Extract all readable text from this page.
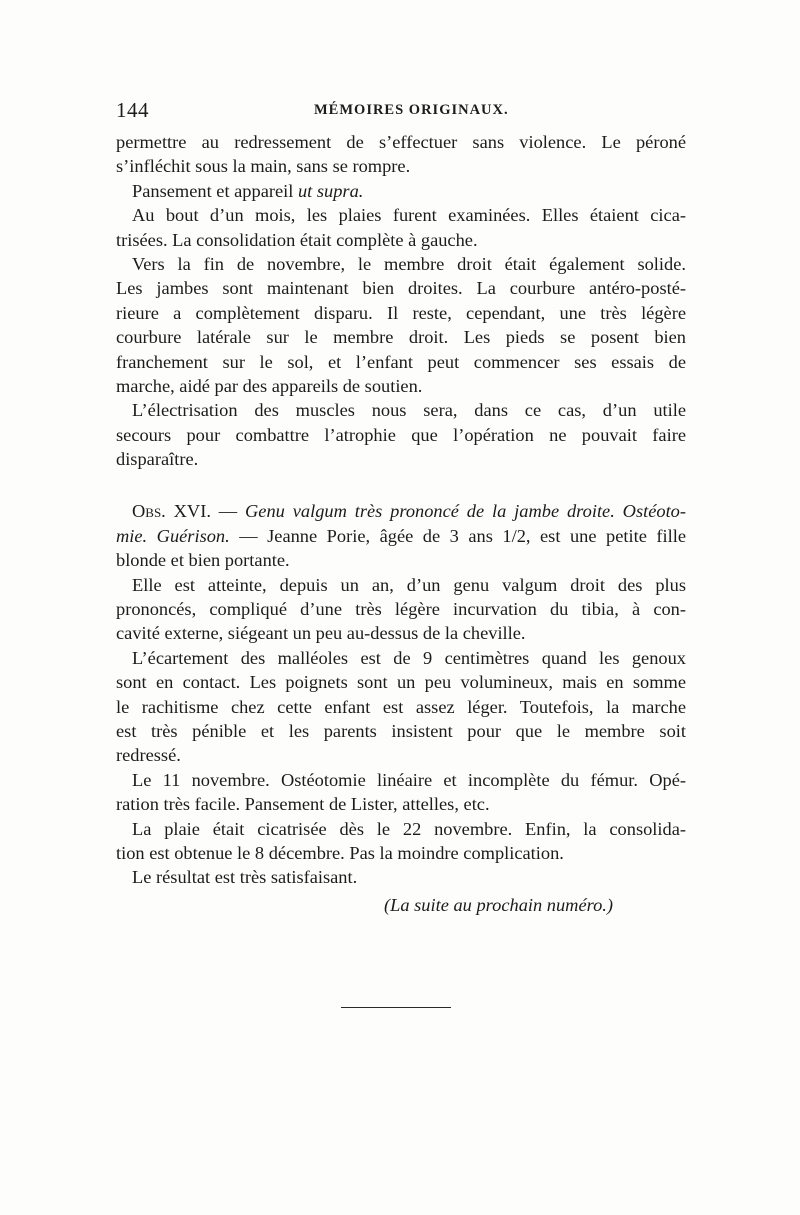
144	MÉMOIRES ORIGINAUX.
permettre au redressement de s’effectuer sans violence. Le péroné
s’infléchit sous la main, sans se rompre.
Pansement et appareil ut supra.
Au bout d’un mois, les plaies furent examinées. Elles étaient cica-
trisées. La consolidation était complète à gauche.
Vers la fin de novembre, le membre droit était également solide.
Les jambes sont maintenant bien droites. La courbure antéro-posté-
rieure a complètement disparu. Il reste, cependant, une très légère
courbure latérale sur le membre droit. Les pieds se posent bien
franchement sur le sol, et l’enfant peut commencer ses essais de
marche, aidé par des appareils de soutien.
L’électrisation des muscles nous sera, dans ce cas, d’un utile
secours pour combattre l’atrophie que l’opération ne pouvait faire
disparaître.
Obs. XVI. — Genu valgum très prononcé de la jambe droite. Ostéoto-
mie. Guérison. — Jeanne Porie, âgée de 3 ans 1/2, est une petite fille
blonde et bien portante.
Elle est atteinte, depuis un an, d’un genu valgum droit des plus
prononcés, compliqué d’une très légère incurvation du tibia, à con-
cavité externe, siégeant un peu au-dessus de la cheville.
L’écartement des malléoles est de 9 centimètres quand les genoux
sont en contact. Les poignets sont un peu volumineux, mais en somme
le rachitisme chez cette enfant est assez léger. Toutefois, la marche
est très pénible et les parents insistent pour que le membre soit
redressé.
Le 11 novembre. Ostéotomie linéaire et incomplète du fémur. Opé-
ration très facile. Pansement de Lister, attelles, etc.
La plaie était cicatrisée dès le 22 novembre. Enfin, la consolida-
tion est obtenue le 8 décembre. Pas la moindre complication.
Le résultat est très satisfaisant.
(La suite au prochain numéro.)
